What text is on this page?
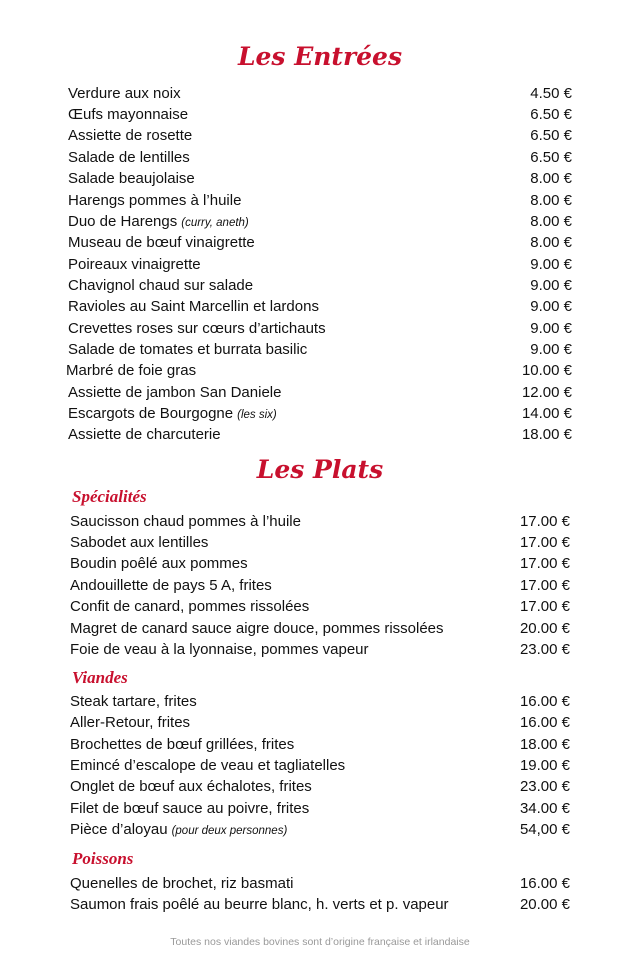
Les Entrées
Verdure aux noix	4.50 €
Œufs mayonnaise	6.50 €
Assiette de rosette	6.50 €
Salade de lentilles	6.50 €
Salade beaujolaise	8.00 €
Harengs pommes à l’huile	8.00 €
Duo de Harengs (curry, aneth)	8.00 €
Museau de bœuf vinaigrette	8.00 €
Poireaux vinaigrette	9.00 €
Chavignol chaud sur salade	9.00 €
Ravioles au Saint Marcellin et lardons	9.00 €
Crevettes roses sur cœurs d’artichauts	9.00 €
Salade de tomates et burrata basilic	9.00 €
Marbré de foie gras	10.00 €
Assiette de jambon San Daniele	12.00 €
Escargots de Bourgogne (les six)	14.00 €
Assiette de charcuterie	18.00 €
Les Plats
Spécialités
Saucisson chaud pommes à l’huile	17.00 €
Sabodet aux lentilles	17.00 €
Boudin poêlé aux pommes	17.00 €
Andouillette de pays 5 A, frites	17.00 €
Confit de canard, pommes rissolées	17.00 €
Magret de canard sauce aigre douce, pommes rissolées	20.00 €
Foie de veau à la lyonnaise, pommes vapeur	23.00 €
Viandes
Steak tartare, frites	16.00 €
Aller-Retour, frites	16.00 €
Brochettes de bœuf grillées, frites	18.00 €
Emincé d’escalope de veau et tagliatelles	19.00 €
Onglet de bœuf aux échalotes, frites	23.00 €
Filet de bœuf sauce au poivre, frites	34.00 €
Pièce d’aloyau (pour deux personnes)	54,00 €
Poissons
Quenelles de brochet, riz basmati	16.00 €
Saumon frais poêlé au beurre blanc, h. verts et p. vapeur	20.00 €
Toutes nos viandes bovines sont d’origine française et irlandaise
